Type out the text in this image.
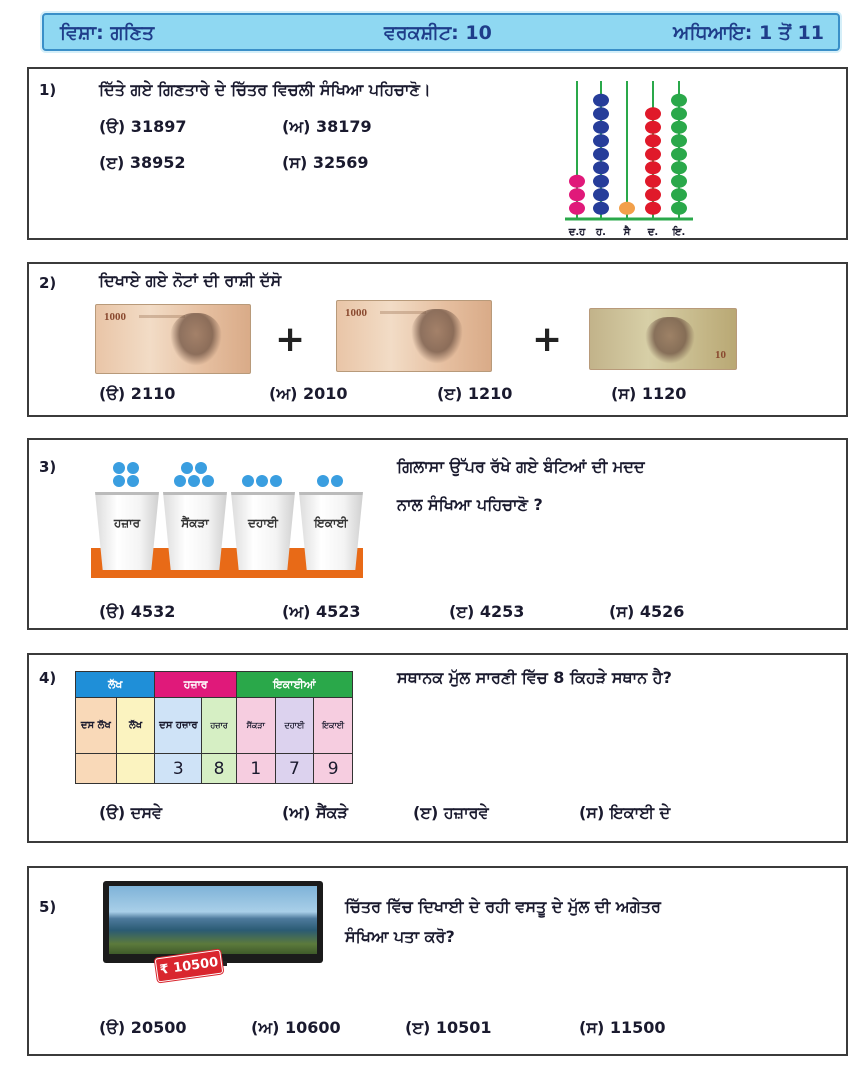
ਵਿਸ਼ਾ: ਗਣਿਤ	ਵਰਕਸ਼ੀਟ: 10	ਅਧਿਆਇ: 1 ਤੋਂ 11
1)	ਦਿੱਤੇ ਗਏ ਗਿਣਤਾਰੇ ਦੇ ਚਿੱਤਰ ਵਿਚਲੀ ਸੰਖਿਆ ਪਹਿਚਾਣੋ।
(ੳ) 31897	(ਅ) 38179
(ੲ) 38952	(ਸ) 32569
ਦ.ਹ ਹ. ਸੈ ਦ. ਇ.
2)	ਦਿਖਾਏ ਗਏ ਨੋਟਾਂ ਦੀ ਰਾਸ਼ੀ ਦੱਸੋ
1000
+
1000
+	10
(ੳ) 2110	(ਅ) 2010	(ੲ) 1210	(ਸ) 1120
3)
ਹਜ਼ਾਰ	ਸੈਂਕੜਾ	ਦਹਾਈ	ਇਕਾਈ
ਗਿਲਾਸਾ ਉੱਪਰ ਰੱਖੇ ਗਏ ਬੰਟਿਆਂ ਦੀ ਮਦਦ
ਨਾਲ ਸੰਖਿਆ ਪਹਿਚਾਣੋ ?
(ੳ) 4532	(ਅ) 4523	(ੲ) 4253	(ਸ) 4526
4)	ਲੱਖ		ਹਜ਼ਾਰ		ਇਕਾਈਆਂ		
ਦਸ ਲੱਖ	ਲੱਖ	ਦਸ ਹਜ਼ਾਰ	ਹਜ਼ਾਰ	ਸੈਂਕੜਾ	ਦਹਾਈ	ਇਕਾਈ
		3	8	1	7	9
ਸਥਾਨਕ ਮੁੱਲ ਸਾਰਣੀ ਵਿੱਚ 8 ਕਿਹੜੇ ਸਥਾਨ ਹੈ?
(ੳ) ਦਸਵੇ	(ਅ) ਸੈਂਕੜੇ	(ੲ) ਹਜ਼ਾਰਵੇ	(ਸ) ਇਕਾਈ ਦੇ
5)	ਚਿੱਤਰ ਵਿੱਚ ਦਿਖਾਈ ਦੇ ਰਹੀ ਵਸਤੂ ਦੇ ਮੁੱਲ ਦੀ ਅਗੇਤਰ
ਸੰਖਿਆ ਪਤਾ ਕਰੋ?
(ੳ) 20500	(ਅ) 10600	(ੲ) 10501	(ਸ) 11500
₹ 10500
